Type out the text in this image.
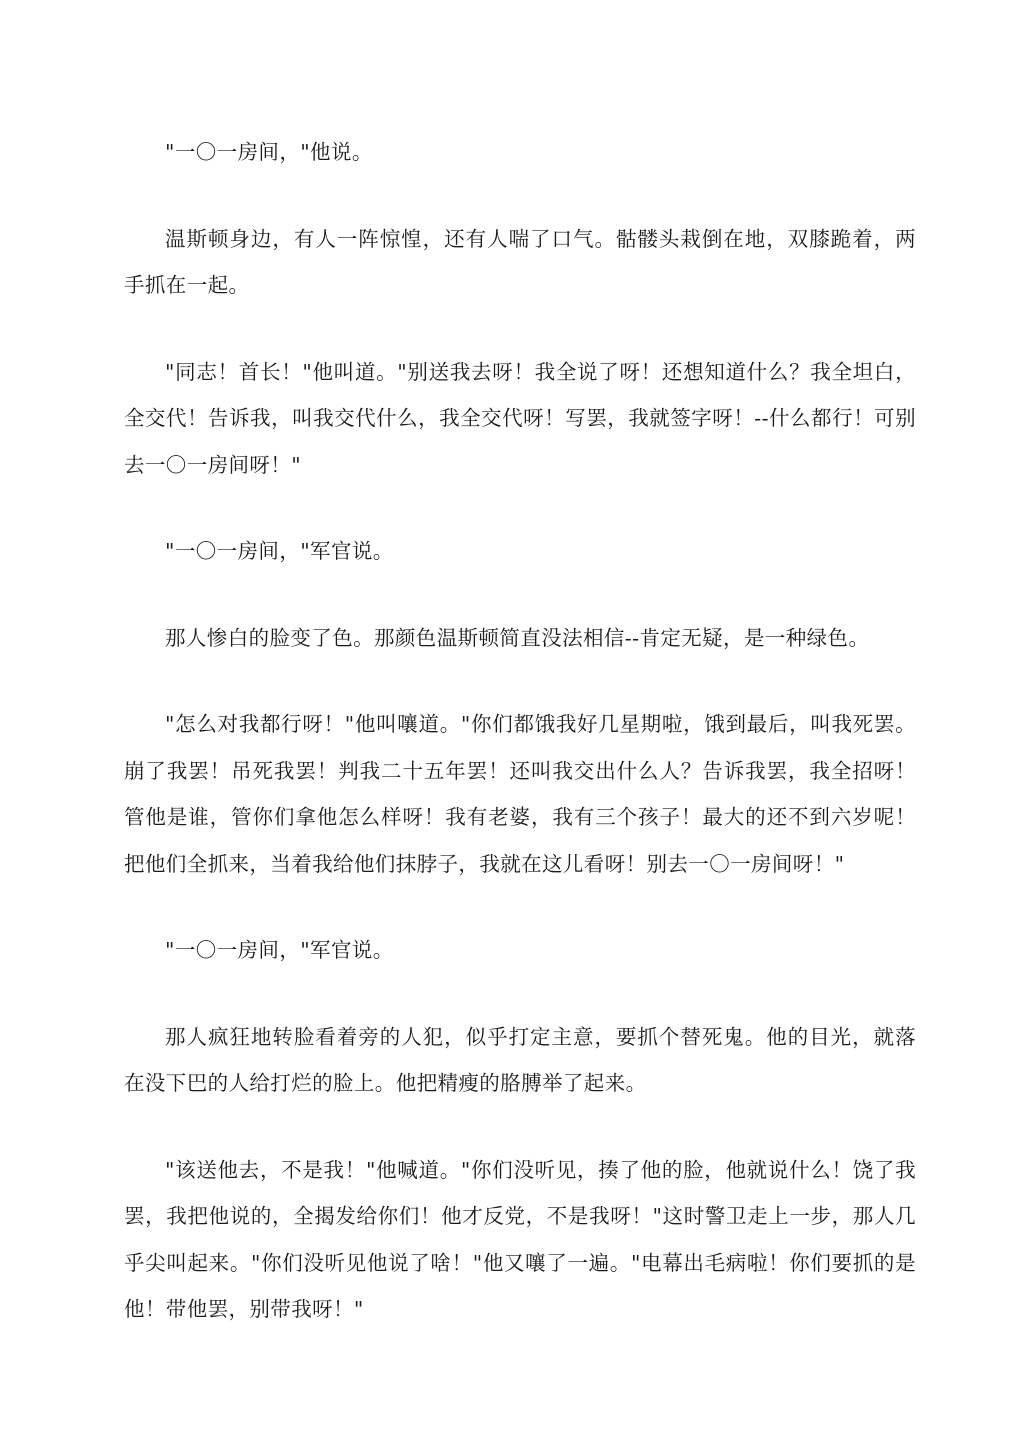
"一〇一房间，"他说。

温斯顿身边，有人一阵惊惶，还有人喘了口气。骷髅头栽倒在地，双膝跪着，两手抓在一起。

"同志！首长！"他叫道。"别送我去呀！我全说了呀！还想知道什么？我全坦白，全交代！告诉我，叫我交代什么，我全交代呀！写罢，我就签字呀！--什么都行！可别去一〇一房间呀！"

"一〇一房间，"军官说。

那人惨白的脸变了色。那颜色温斯顿简直没法相信--肯定无疑，是一种绿色。

"怎么对我都行呀！"他叫嚷道。"你们都饿我好几星期啦，饿到最后，叫我死罢。崩了我罢！吊死我罢！判我二十五年罢！还叫我交出什么人？告诉我罢，我全招呀！管他是谁，管你们拿他怎么样呀！我有老婆，我有三个孩子！最大的还不到六岁呢！把他们全抓来，当着我给他们抹脖子，我就在这儿看呀！别去一〇一房间呀！"

"一〇一房间，"军官说。

那人疯狂地转脸看着旁的人犯，似乎打定主意，要抓个替死鬼。他的目光，就落在没下巴的人给打烂的脸上。他把精瘦的胳膊举了起来。

"该送他去，不是我！"他喊道。"你们没听见，揍了他的脸，他就说什么！饶了我罢，我把他说的，全揭发给你们！他才反党，不是我呀！"这时警卫走上一步，那人几乎尖叫起来。"你们没听见他说了啥！"他又嚷了一遍。"电幕出毛病啦！你们要抓的是他！带他罢，别带我呀！"
